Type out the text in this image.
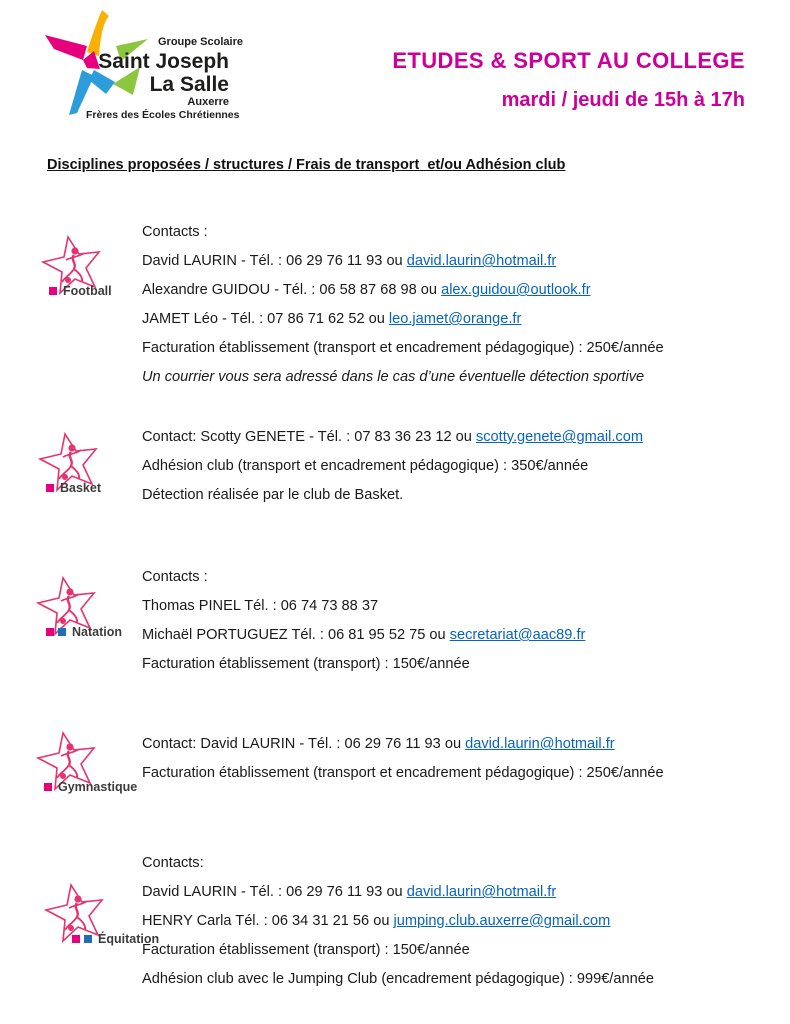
Groupe Scolaire
Saint Joseph
La Salle
Auxerre
Frères des Écoles Chrétiennes
ETUDES & SPORT AU COLLEGE
mardi / jeudi de 15h à 17h
Disciplines proposées / structures / Frais de transport  et/ou Adhésion club
Football
Contacts :
David LAURIN - Tél. : 06 29 76 11 93 ou david.laurin@hotmail.fr
Alexandre GUIDOU - Tél. : 06 58 87 68 98 ou alex.guidou@outlook.fr
JAMET Léo - Tél. : 07 86 71 62 52 ou leo.jamet@orange.fr
Facturation établissement (transport et encadrement pédagogique) : 250€/année
Un courrier vous sera adressé dans le cas d’une éventuelle détection sportive
Basket
Contact: Scotty GENETE - Tél. : 07 83 36 23 12 ou scotty.genete@gmail.com
Adhésion club (transport et encadrement pédagogique) : 350€/année
Détection réalisée par le club de Basket.
Natation
Contacts :
Thomas PINEL Tél. : 06 74 73 88 37
Michaël PORTUGUEZ Tél. : 06 81 95 52 75 ou secretariat@aac89.fr
Facturation établissement (transport) : 150€/année
Gymnastique
Contact: David LAURIN - Tél. : 06 29 76 11 93 ou david.laurin@hotmail.fr
Facturation établissement (transport et encadrement pédagogique) : 250€/année
Équitation
Contacts:
David LAURIN - Tél. : 06 29 76 11 93 ou david.laurin@hotmail.fr
HENRY Carla Tél. : 06 34 31 21 56 ou jumping.club.auxerre@gmail.com
Facturation établissement (transport) : 150€/année
Adhésion club avec le Jumping Club (encadrement pédagogique) : 999€/année
